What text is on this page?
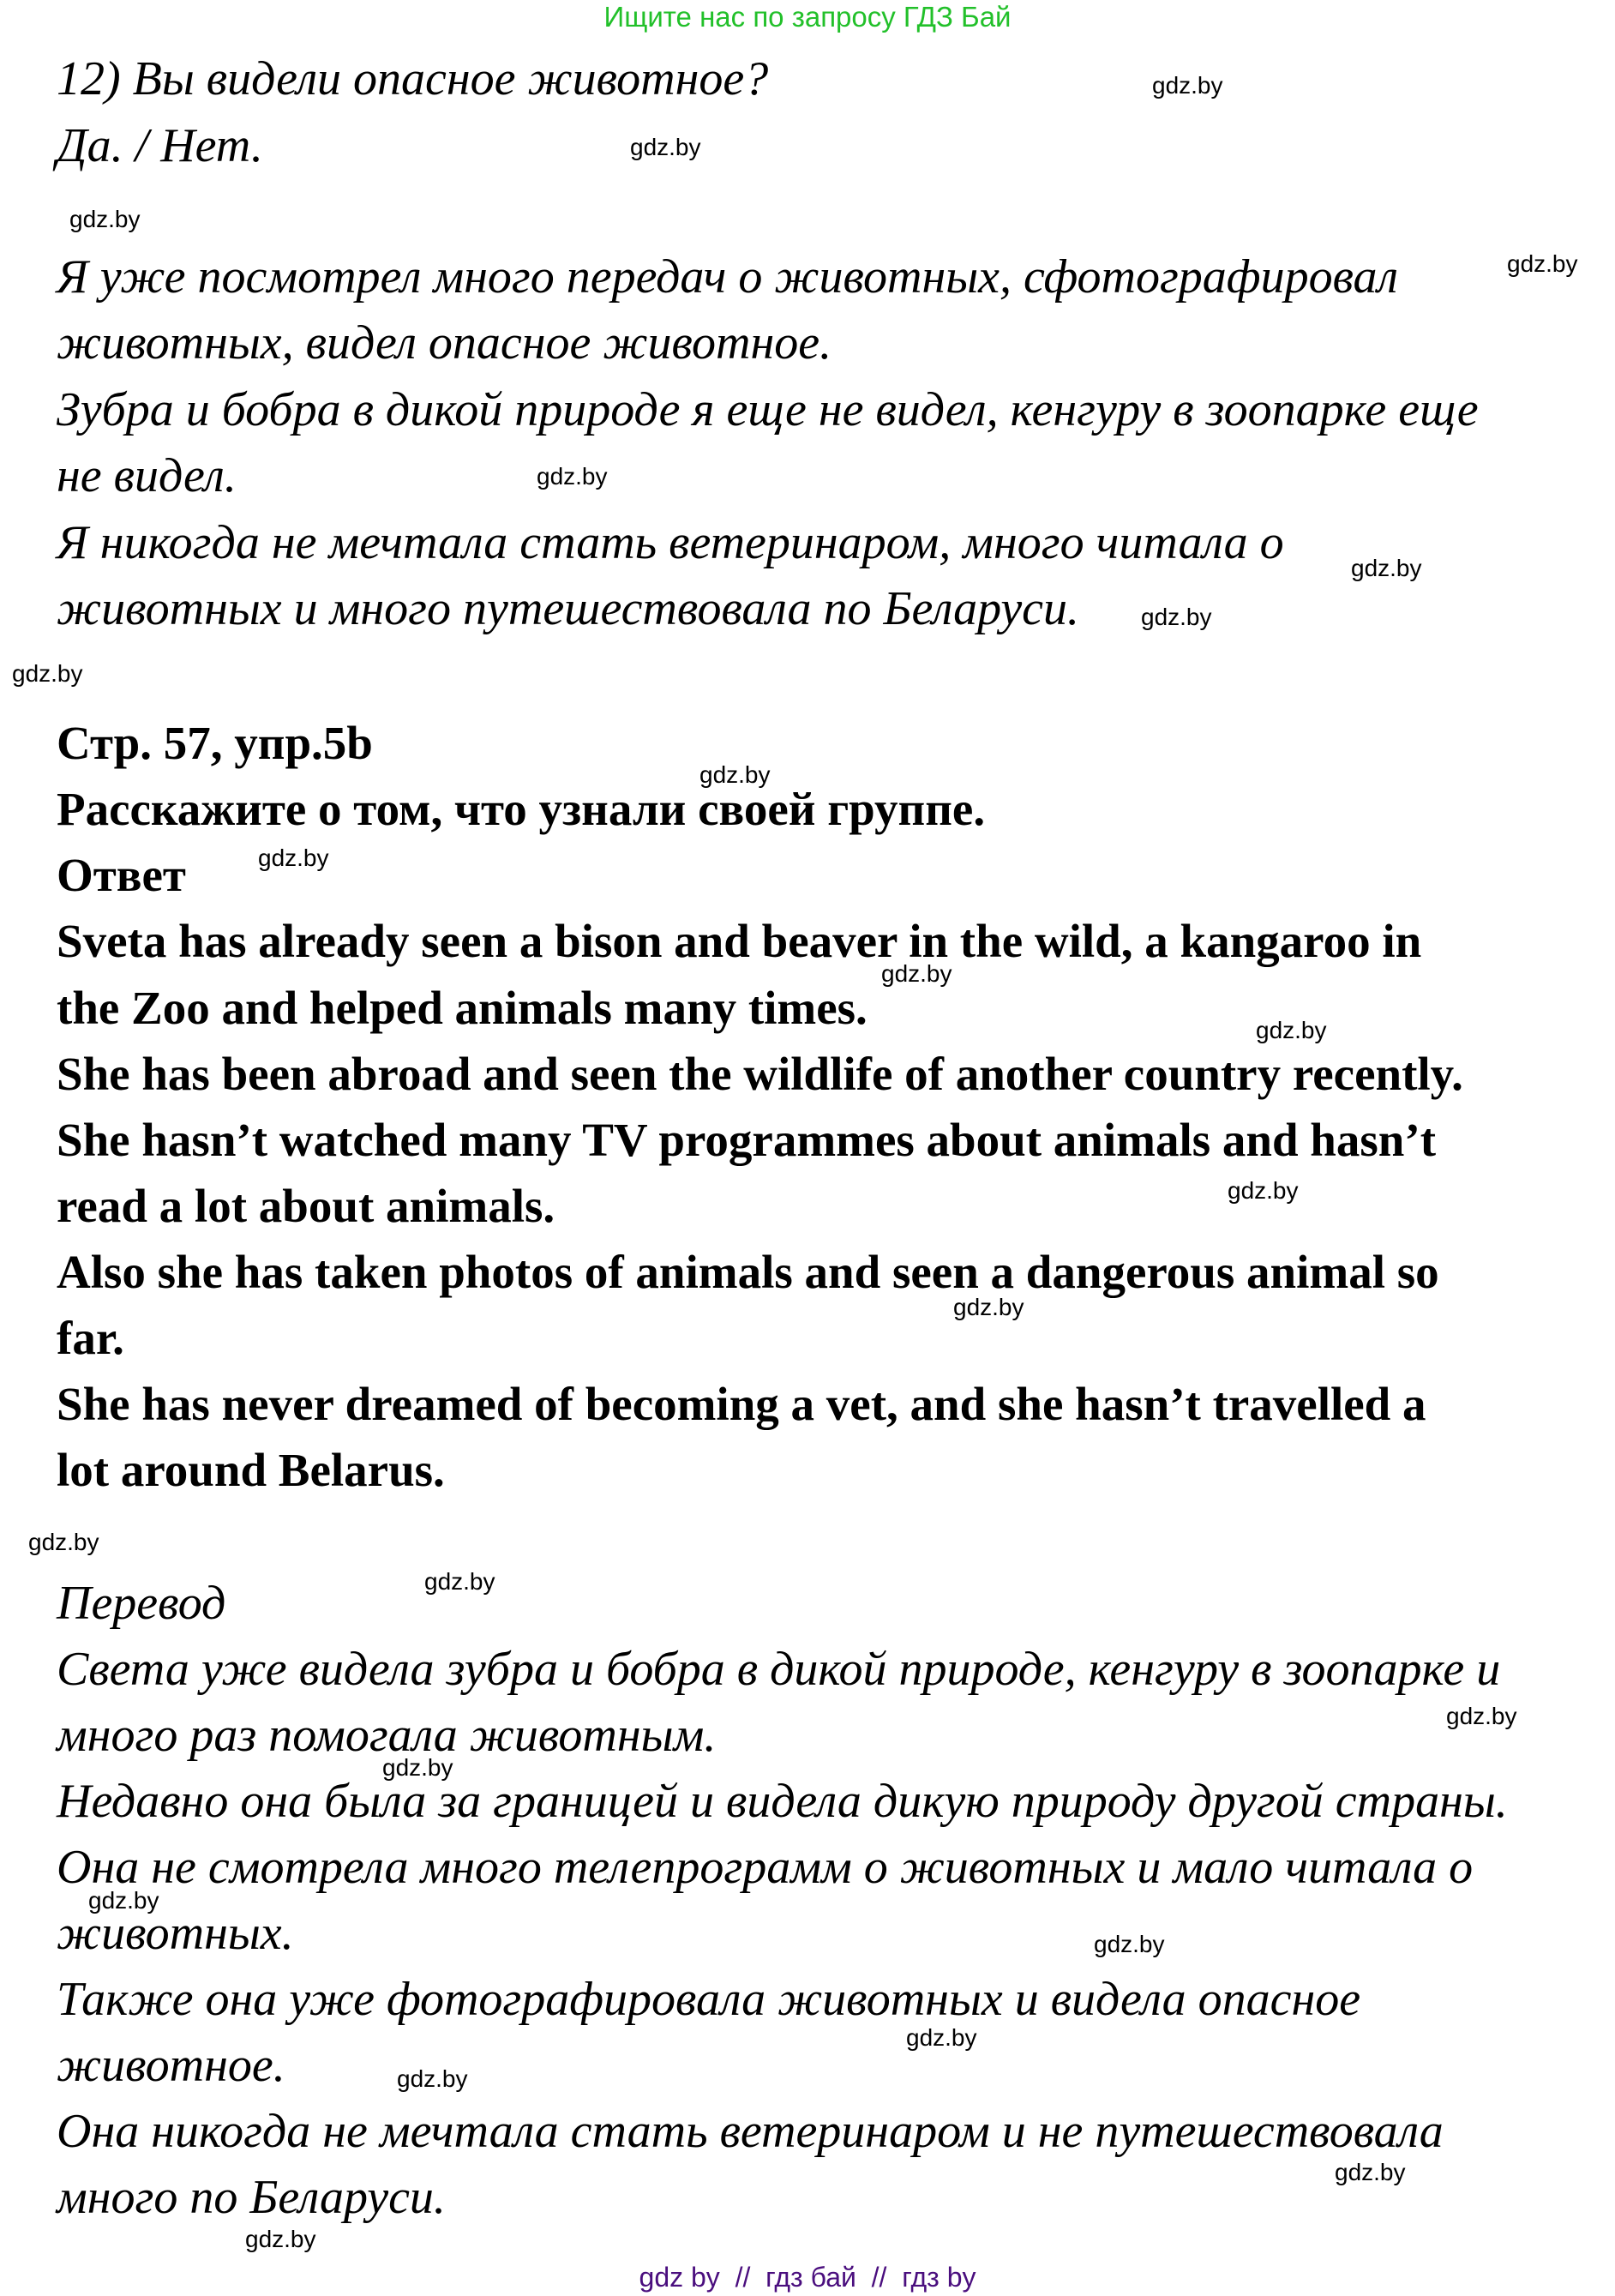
Ищите нас по запросу ГДЗ Бай
12) Вы видели опасное животное?
Да. / Нет.
Я уже посмотрел много передач о животных, сфотографировал
животных, видел опасное животное.
Зубра и бобра в дикой природе я еще не видел, кенгуру в зоопарке еще
не видел.
Я никогда не мечтала стать ветеринаром, много читала о
животных и много путешествовала по Беларуси.
Стр. 57, упр.5b
Расскажите о том, что узнали своей группе.
Ответ
Sveta has already seen a bison and beaver in the wild, a kangaroo in
the Zoo and helped animals many times.
She has been abroad and seen the wildlife of another country recently.
She hasn’t watched many TV programmes about animals and hasn’t
read a lot about animals.
Also she has taken photos of animals and seen a dangerous animal so
far.
She has never dreamed of becoming a vet, and she hasn’t travelled a
lot around Belarus.
Перевод
Света уже видела зубра и бобра в дикой природе, кенгуру в зоопарке и
много раз помогала животным.
Недавно она была за границей и видела дикую природу другой страны.
Она не смотрела много телепрограмм о животных и мало читала о
животных.
Также она уже фотографировала животных и видела опасное
животное.
Она никогда не мечтала стать ветеринаром и не путешествовала
много по Беларуси.
gdz.by
gdz.by
gdz.by
gdz.by
gdz.by
gdz.by
gdz.by
gdz.by
gdz.by
gdz.by
gdz.by
gdz.by
gdz.by
gdz.by
gdz.by
gdz.by
gdz.by
gdz.by
gdz.by
gdz.by
gdz.by
gdz.by
gdz.by
gdz.by
gdz by  //  гдз бай  //  гдз by
